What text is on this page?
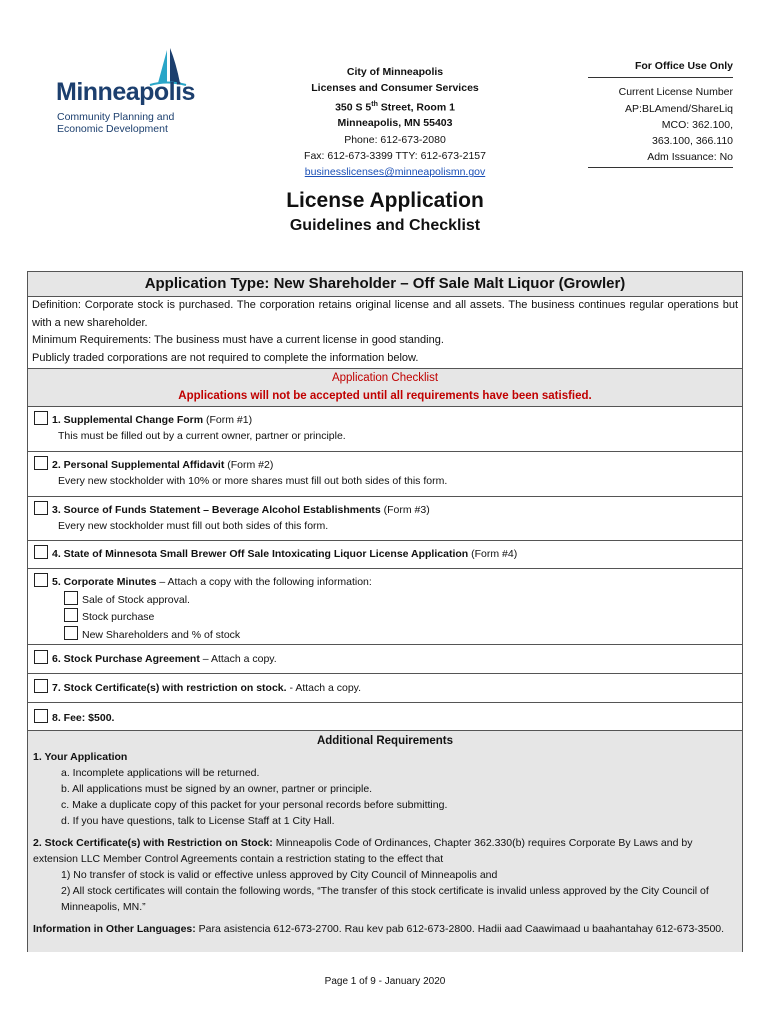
Minneapolis
Community Planning and
Economic Development
City of Minneapolis
Licenses and Consumer Services
350 S 5th Street, Room 1
Minneapolis, MN 55403
Phone: 612-673-2080
Fax: 612-673-3399 TTY: 612-673-2157
businesslicenses@minneapolismn.gov
For Office Use Only
Current License Number
AP:BLAmend/ShareLiq
MCO: 362.100,
363.100, 366.110
Adm Issuance: No
License Application
Guidelines and Checklist
Application Type: New Shareholder – Off Sale Malt Liquor (Growler)
Definition: Corporate stock is purchased. The corporation retains original license and all assets. The business continues regular operations but with a new shareholder.
Minimum Requirements: The business must have a current license in good standing.
Publicly traded corporations are not required to complete the information below.
Application Checklist
Applications will not be accepted until all requirements have been satisfied.
1. Supplemental Change Form (Form #1)
This must be filled out by a current owner, partner or principle.
2. Personal Supplemental Affidavit (Form #2)
Every new stockholder with 10% or more shares must fill out both sides of this form.
3. Source of Funds Statement – Beverage Alcohol Establishments (Form #3)
Every new stockholder must fill out both sides of this form.
4. State of Minnesota Small Brewer Off Sale Intoxicating Liquor License Application (Form #4)
5. Corporate Minutes – Attach a copy with the following information:
Sale of Stock approval.
Stock purchase
New Shareholders and % of stock
6. Stock Purchase Agreement – Attach a copy.
7. Stock Certificate(s) with restriction on stock. - Attach a copy.
8. Fee: $500.
Additional Requirements
1. Your Application
a. Incomplete applications will be returned.
b. All applications must be signed by an owner, partner or principle.
c. Make a duplicate copy of this packet for your personal records before submitting.
d. If you have questions, talk to License Staff at 1 City Hall.
2. Stock Certificate(s) with Restriction on Stock: Minneapolis Code of Ordinances, Chapter 362.330(b) requires Corporate By Laws and by extension LLC Member Control Agreements contain a restriction stating to the effect that
1) No transfer of stock is valid or effective unless approved by City Council of Minneapolis and
2) All stock certificates will contain the following words, “The transfer of this stock certificate is invalid unless approved by the City Council of Minneapolis, MN.”
Information in Other Languages: Para asistencia 612-673-2700. Rau kev pab 612-673-2800. Hadii aad Caawimaad u baahantahay 612-673-3500.
Page 1 of 9 - January 2020
